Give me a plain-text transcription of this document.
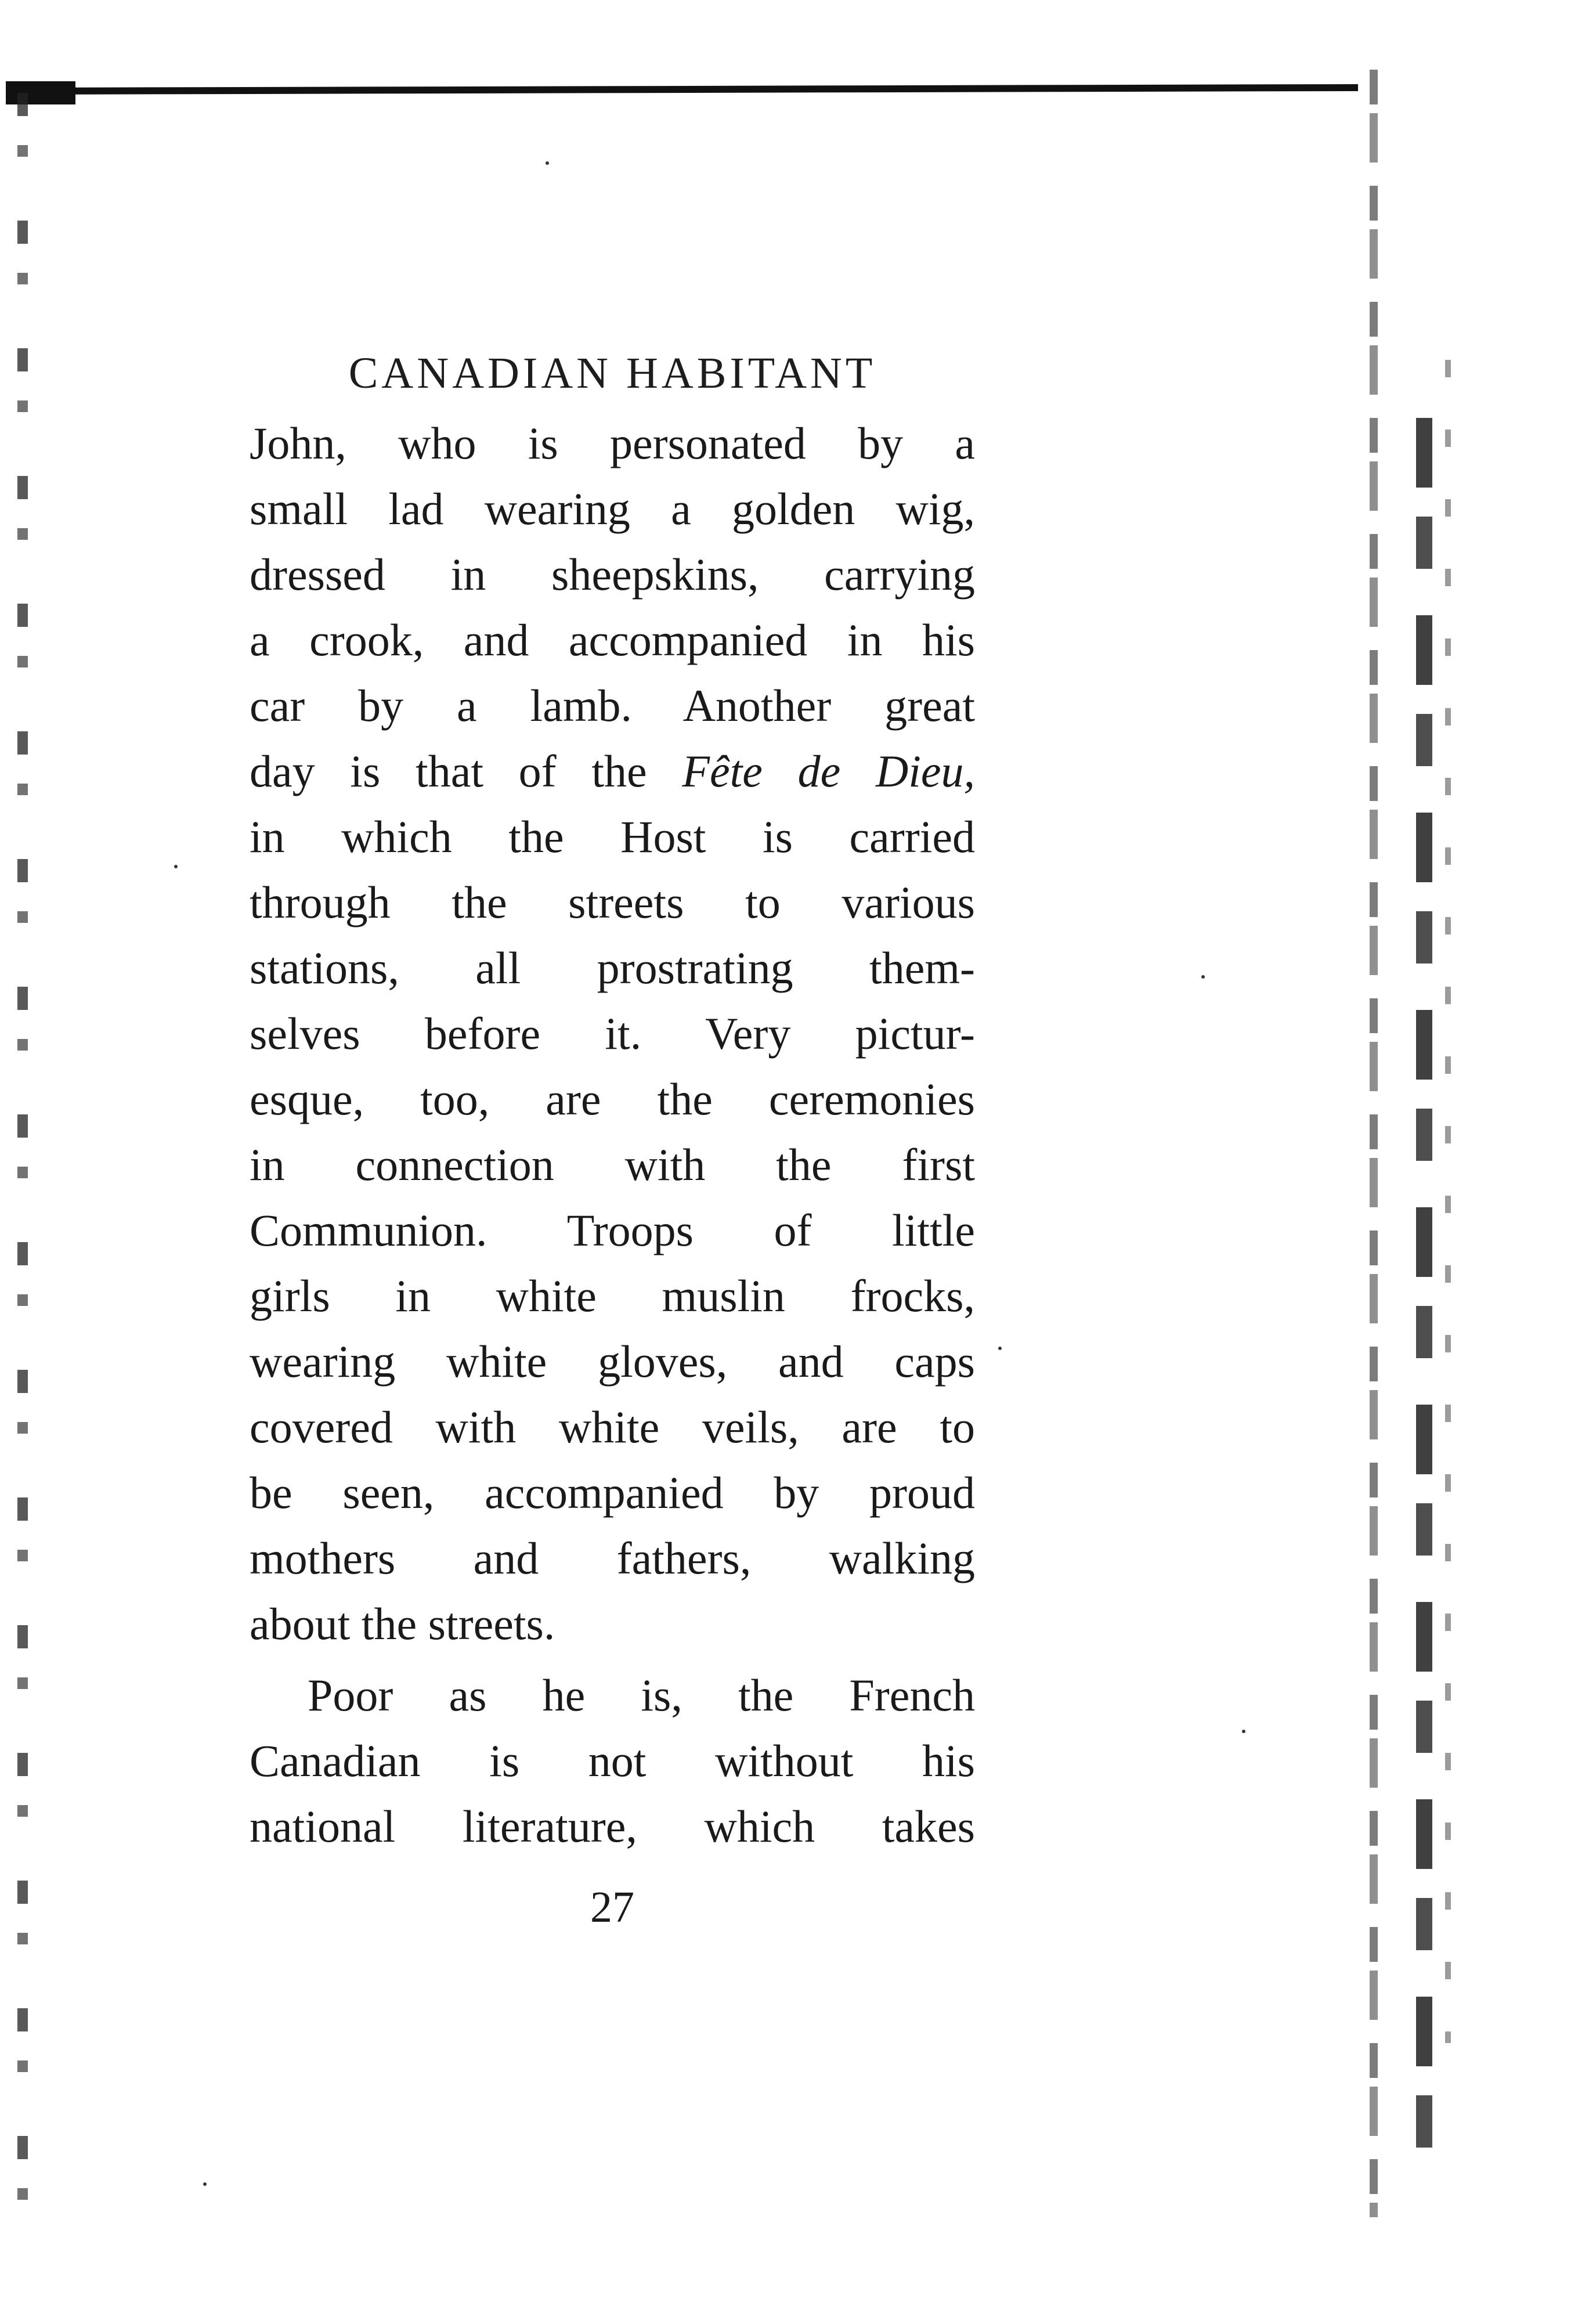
CANADIAN HABITANT

John, who is personated by a
small lad wearing a golden wig,
dressed in sheepskins, carrying
a crook, and accompanied in his
car by a lamb. Another great
day is that of the Fête de Dieu,
in which the Host is carried
through the streets to various
stations, all prostrating them-
selves before it. Very pictur-
esque, too, are the ceremonies
in connection with the first
Communion. Troops of little
girls in white muslin frocks,
wearing white gloves, and caps
covered with white veils, are to
be seen, accompanied by proud
mothers and fathers, walking
about the streets.

Poor as he is, the French
Canadian is not without his
national literature, which takes

27
